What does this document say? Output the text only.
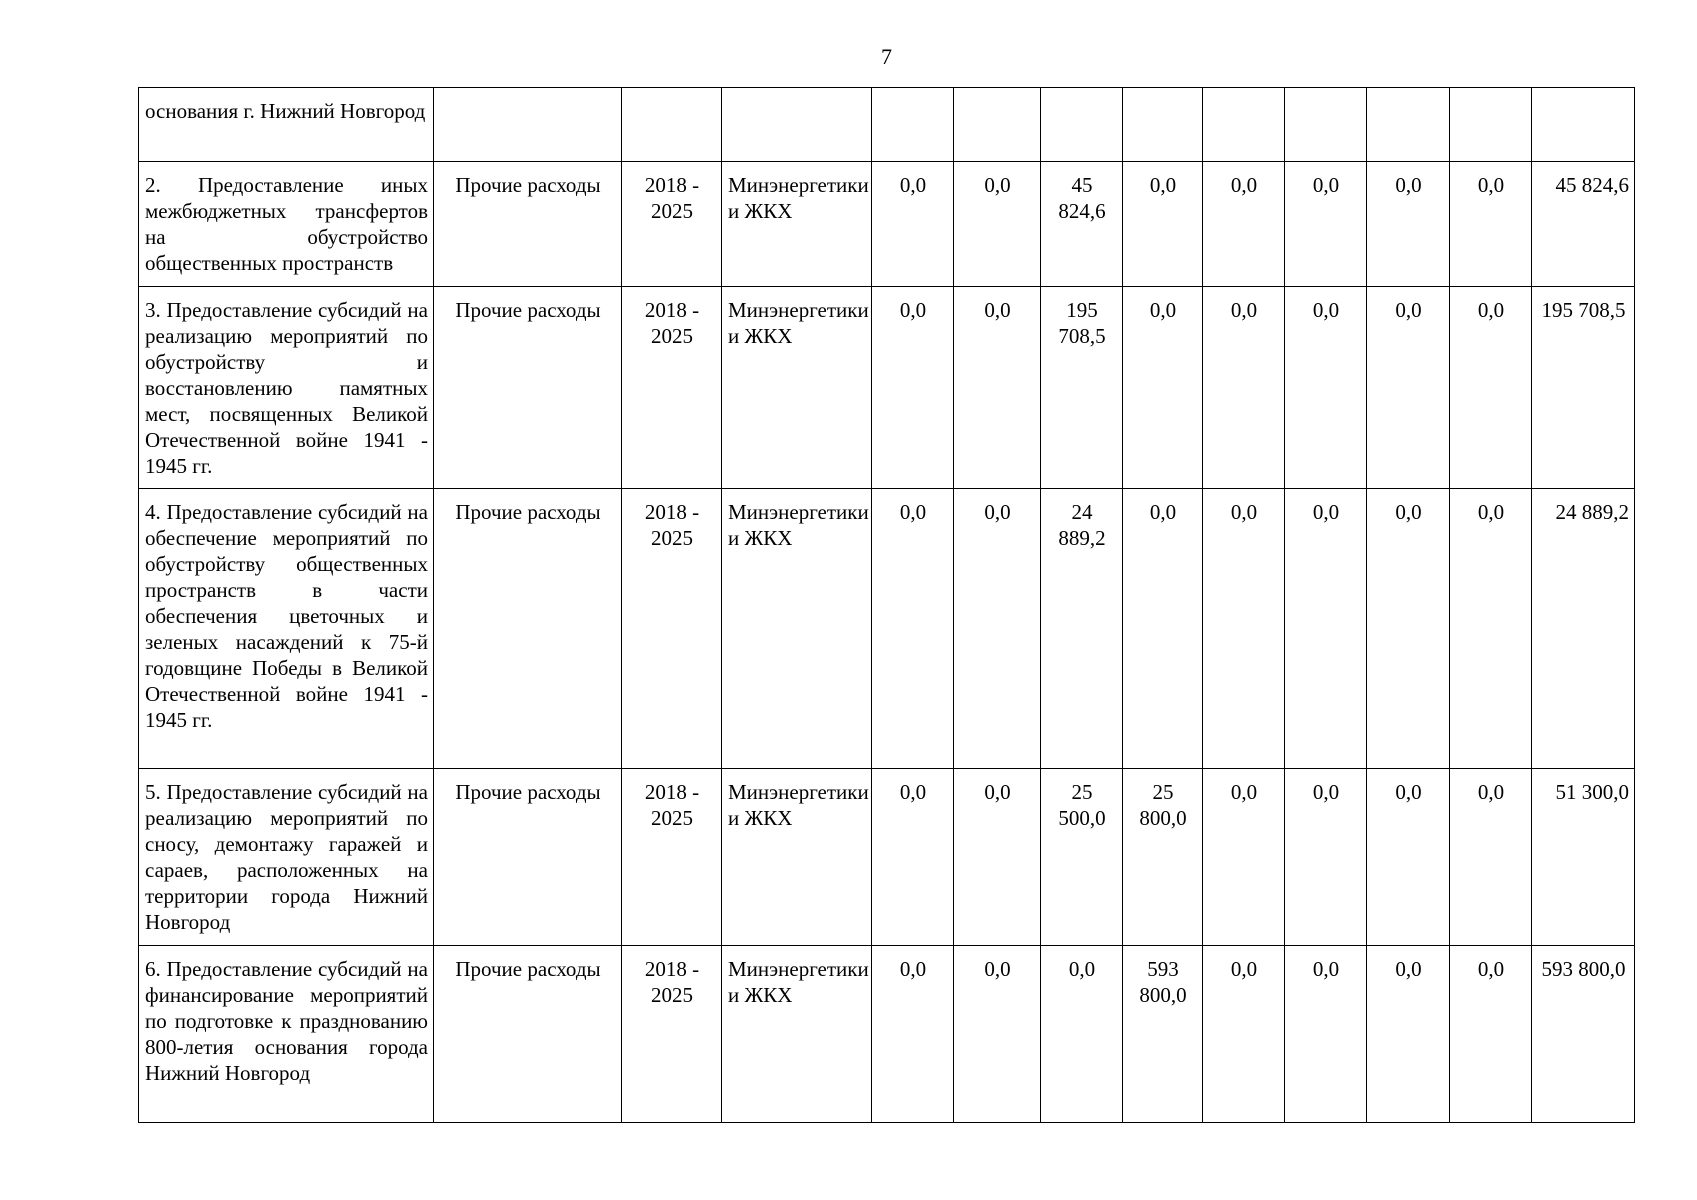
7
основания г. Нижний Новгород												
2. Предоставление иных межбюджетных трансфертов на обустройство общественных пространств	Прочие расходы	2018 - 2025	Минэнергетики и ЖКХ	0,0	0,0	45 824,6	0,0	0,0	0,0	0,0	0,0	45 824,6
3. Предоставление субсидий на реализацию мероприятий по обустройству и восстановлению памятных мест, посвященных Великой Отечественной войне 1941 - 1945 гг.	Прочие расходы	2018 - 2025	Минэнергетики и ЖКХ	0,0	0,0	195 708,5	0,0	0,0	0,0	0,0	0,0	195 708,5
4. Предоставление субсидий на обеспечение мероприятий по обустройству общественных пространств в части обеспечения цветочных и зеленых насаждений к 75-й годовщине Победы в Великой Отечественной войне 1941 - 1945 гг.	Прочие расходы	2018 - 2025	Минэнергетики и ЖКХ	0,0	0,0	24 889,2	0,0	0,0	0,0	0,0	0,0	24 889,2
5. Предоставление субсидий на реализацию мероприятий по сносу, демонтажу гаражей и сараев, расположенных на территории города Нижний Новгород	Прочие расходы	2018 - 2025	Минэнергетики и ЖКХ	0,0	0,0	25 500,0	25 800,0	0,0	0,0	0,0	0,0	51 300,0
6. Предоставление субсидий на финансирование мероприятий по подготовке к празднованию 800-летия основания города Нижний Новгород	Прочие расходы	2018 - 2025	Минэнергетики и ЖКХ	0,0	0,0	0,0	593 800,0	0,0	0,0	0,0	0,0	593 800,0
